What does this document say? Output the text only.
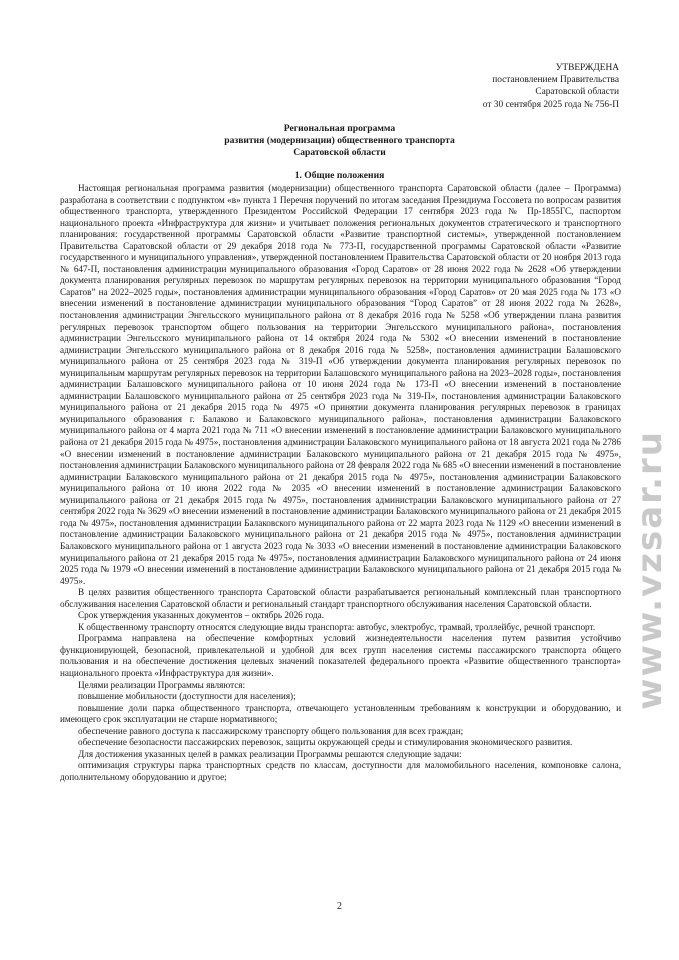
УТВЕРЖДЕНА
постановлением Правительства
Саратовской области
от 30 сентября 2025 года № 756-П
Региональная программа
развития (модернизации) общественного транспорта
Саратовской области
1. Общие положения

Настоящая региональная программа развития (модернизации) общественного транспорта Саратовской области (далее – Программа) разработана в соответствии с подпунктом «в» пункта 1 Перечня поручений по итогам заседания Президиума Госсовета по вопросам развития общественного транспорта, утвержденного Президентом Российской Федерации 17 сентября 2023 года № Пр-1855ГС, паспортом национального проекта «Инфраструктура для жизни» и учитывает положения региональных документов стратегического и транспортного планирования: государственной программы Саратовской области «Развитие транспортной системы», утвержденной постановлением Правительства Саратовской области от 29 декабря 2018 года № 773-П, государственной программы Саратовской области «Развитие государственного и муниципального управления», утвержденной постановлением Правительства Саратовской области от 20 ноября 2013 года № 647-П, постановления администрации муниципального образования «Город Саратов» от 28 июня 2022 года № 2628 «Об утверждении документа планирования регулярных перевозок по маршрутам регулярных перевозок на территории муниципального образования “Город Саратов” на 2022–2025 годы», постановления администрации муниципального образования «Город Саратов» от 20 мая 2025 года № 173 «О внесении изменений в постановление администрации муниципального образования “Город Саратов” от 28 июня 2022 года № 2628», постановления администрации Энгельсского муниципального района от 8 декабря 2016 года № 5258 «Об утверждении плана развития регулярных перевозок транспортом общего пользования на территории Энгельсского муниципального района», постановления администрации Энгельсского муниципального района от 14 октября 2024 года № 5302 «О внесении изменений в постановление администрации Энгельсского муниципального района от 8 декабря 2016 года № 5258», постановления администрации Балашовского муниципального района от 25 сентября 2023 года № 319-П «Об утверждении документа планирования регулярных перевозок по муниципальным маршрутам регулярных перевозок на территории Балашовского муниципального района на 2023–2028 годы», постановления администрации Балашовского муниципального района от 10 июня 2024 года № 173-П «О внесении изменений в постановление администрации Балашовского муниципального района от 25 сентября 2023 года № 319-П», постановления администрации Балаковского муниципального района от 21 декабря 2015 года № 4975 «О принятии документа планирования регулярных перевозок в границах муниципального образования г. Балаково и Балаковского муниципального района», постановления администрации Балаковского муниципального района от 4 марта 2021 года № 711 «О внесении изменений в постановление администрации Балаковского муниципального района от 21 декабря 2015 года № 4975», постановления администрации Балаковского муниципального района от 18 августа 2021 года № 2786 «О внесении изменений в постановление администрации Балаковского муниципального района от 21 декабря 2015 года № 4975», постановления администрации Балаковского муниципального района от 28 февраля 2022 года № 685 «О внесении изменений в постановление администрации Балаковского муниципального района от 21 декабря 2015 года № 4975», постановления администрации Балаковского муниципального района от 10 июня 2022 года № 2035 «О внесении изменений в постановление администрации Балаковского муниципального района от 21 декабря 2015 года № 4975», постановления администрации Балаковского муниципального района от 27 сентября 2022 года № 3629 «О внесении изменений в постановление администрации Балаковского муниципального района от 21 декабря 2015 года № 4975», постановления администрации Балаковского муниципального района от 22 марта 2023 года № 1129 «О внесении изменений в постановление администрации Балаковского муниципального района от 21 декабря 2015 года № 4975», постановления администрации Балаковского муниципального района от 1 августа 2023 года № 3033 «О внесении изменений в постановление администрации Балаковского муниципального района от 21 декабря 2015 года № 4975», постановления администрации Балаковского муниципального района от 24 июня 2025 года № 1979 «О внесении изменений в постановление администрации Балаковского муниципального района от 21 декабря 2015 года № 4975».

В целях развития общественного транспорта Саратовской области разрабатывается региональный комплексный план транспортного обслуживания населения Саратовской области и региональный стандарт транспортного обслуживания населения Саратовской области.

Срок утверждения указанных документов – октябрь 2026 года.

К общественному транспорту относятся следующие виды транспорта: автобус, электробус, трамвай, троллейбус, речной транспорт.

Программа направлена на обеспечение комфортных условий жизнедеятельности населения путем развития устойчиво функционирующей, безопасной, привлекательной и удобной для всех групп населения системы пассажирского транспорта общего пользования и на обеспечение достижения целевых значений показателей федерального проекта «Развитие общественного транспорта» национального проекта «Инфраструктура для жизни».

Целями реализации Программы являются:

повышение мобильности (доступности для населения);

повышение доли парка общественного транспорта, отвечающего установленным требованиям к конструкции и оборудованию, и имеющего срок эксплуатации не старше нормативного;

обеспечение равного доступа к пассажирскому транспорту общего пользования для всех граждан;

обеспечение безопасности пассажирских перевозок, защиты окружающей среды и стимулирования экономического развития.

Для достижения указанных целей в рамках реализации Программы решаются следующие задачи:

оптимизация структуры парка транспортных средств по классам, доступности для маломобильного населения, компоновке салона, дополнительному оборудованию и другое;

2
www.vzsar.ru
